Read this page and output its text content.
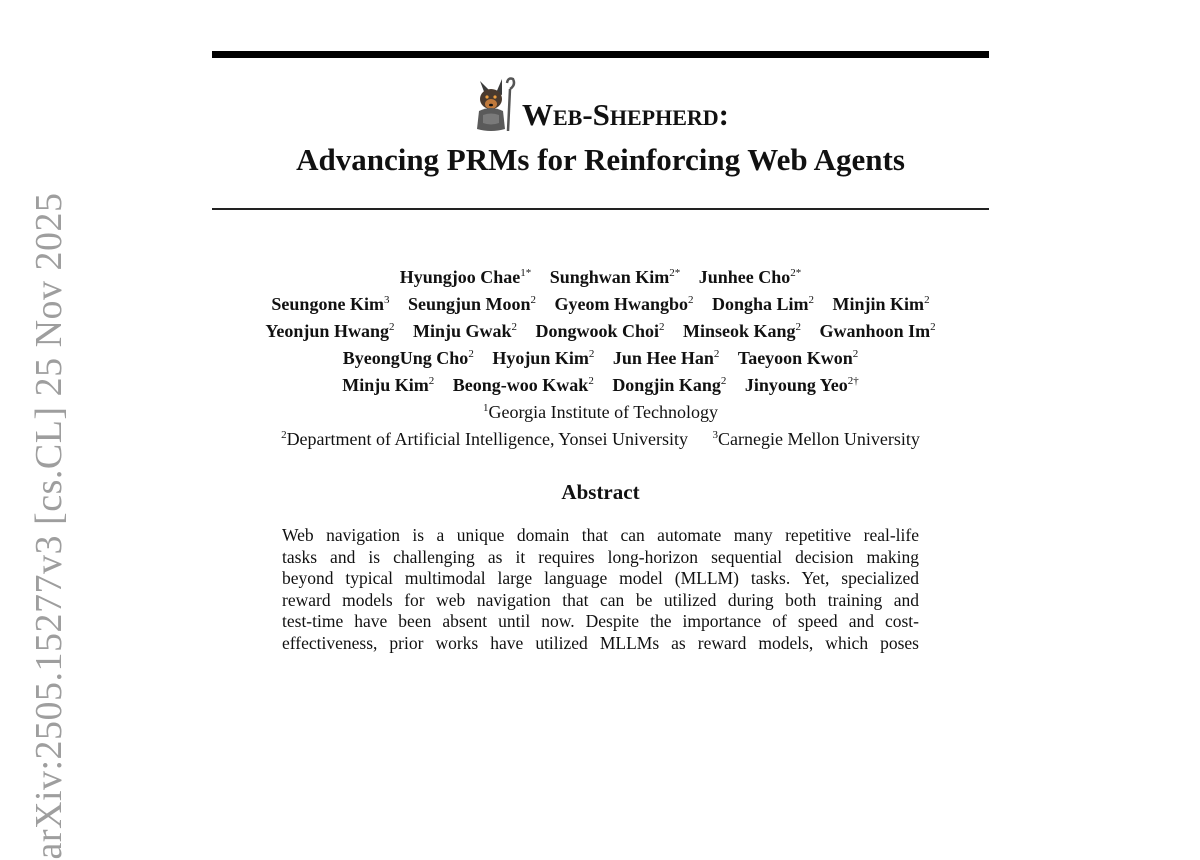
arXiv:2505.15277v3 [cs.CL] 25 Nov 2025
Web-Shepherd:
Advancing PRMs for Reinforcing Web Agents
Hyungjoo Chae$^{1*}$ Sunghwan Kim$^{2*}$ Junhee Cho$^{2*}$
Seungone Kim$^3$ Seungjun Moon$^2$ Gyeom Hwangbo$^2$ Dongha Lim$^2$ Minjin Kim$^2$
Yeonjun Hwang$^2$ Minju Gwak$^2$ Dongwook Choi$^2$ Minseok Kang$^2$ Gwanhoon Im$^2$
ByeongUng Cho$^2$ Hyojun Kim$^2$ Jun Hee Han$^2$ Taeyoon Kwon$^2$
Minju Kim$^2$ Beong-woo Kwak$^2$ Dongjin Kang$^2$ Jinyoung Yeo$^{2\dagger}$
$^1$Georgia Institute of Technology
$^2$Department of Artificial Intelligence, Yonsei University $^3$Carnegie Mellon University
Abstract
Web navigation is a unique domain that can automate many repetitive real-life
tasks and is challenging as it requires long-horizon sequential decision making
beyond typical multimodal large language model (MLLM) tasks. Yet, specialized
reward models for web navigation that can be utilized during both training and
test-time have been absent until now. Despite the importance of speed and cost-
effectiveness, prior works have utilized MLLMs as reward models, which poses
